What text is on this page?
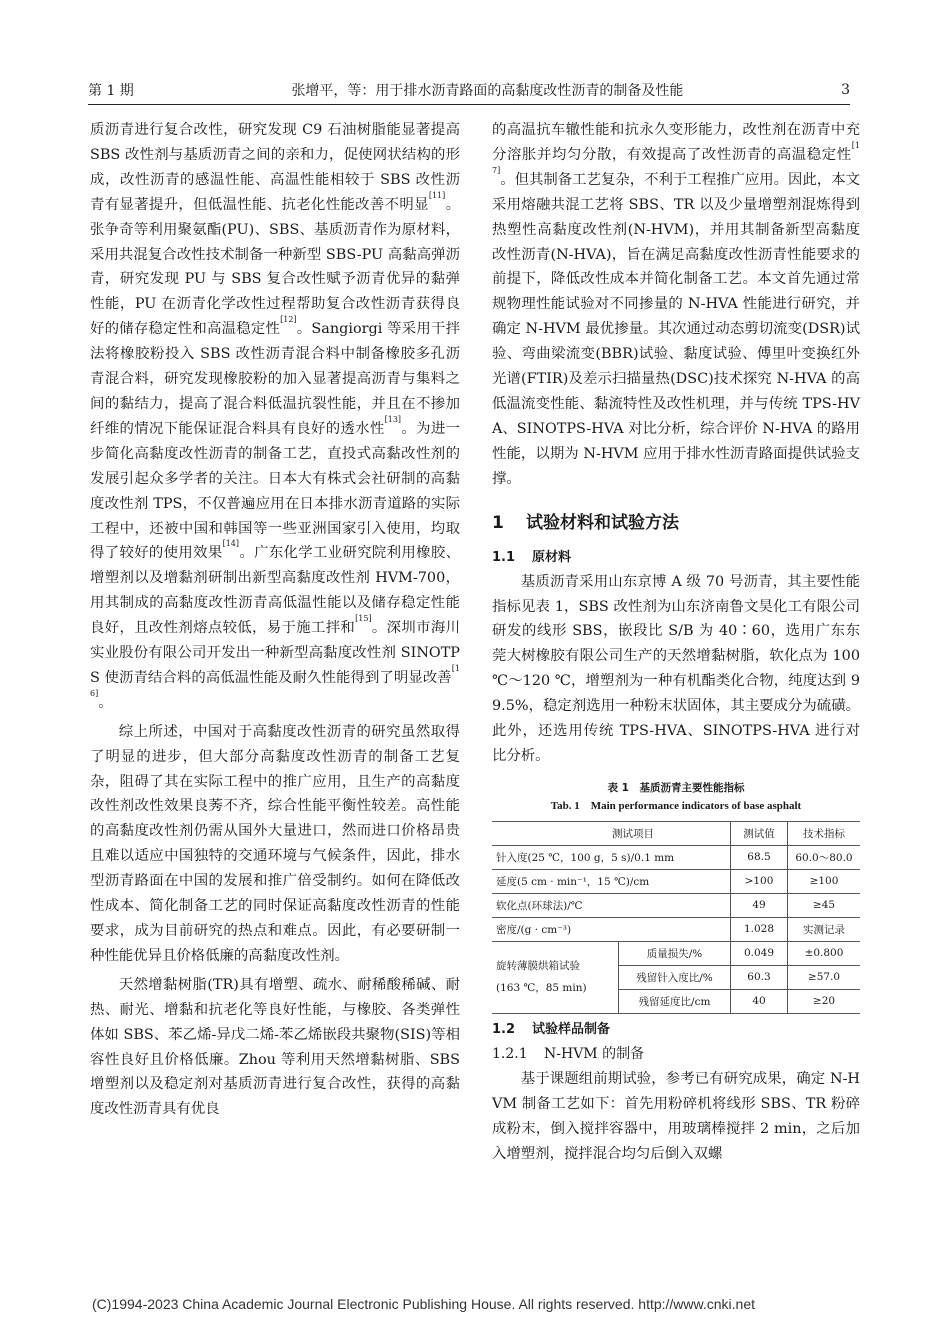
第 1 期	张增平，等：用于排水沥青路面的高黏度改性沥青的制备及性能	3

质沥青进行复合改性，研究发现 C9 石油树脂能显著提高 SBS 改性剂与基质沥青之间的亲和力，促使网状结构的形成，改性沥青的感温性能、高温性能相较于 SBS 改性沥青有显著提升，但低温性能、抗老化性能改善不明显[11]。张争奇等利用聚氨酯(PU)、SBS、基质沥青作为原材料，采用共混复合改性技术制备一种新型 SBS-PU 高黏高弹沥青，研究发现 PU 与 SBS 复合改性赋予沥青优异的黏弹性能，PU 在沥青化学改性过程帮助复合改性沥青获得良好的储存稳定性和高温稳定性[12]。Sangiorgi 等采用干拌法将橡胶粉投入 SBS 改性沥青混合料中制备橡胶多孔沥青混合料，研究发现橡胶粉的加入显著提高沥青与集料之间的黏结力，提高了混合料低温抗裂性能，并且在不掺加纤维的情况下能保证混合料具有良好的透水性[13]。为进一步简化高黏度改性沥青的制备工艺，直投式高黏改性剂的发展引起众多学者的关注。日本大有株式会社研制的高黏度改性剂 TPS，不仅普遍应用在日本排水沥青道路的实际工程中，还被中国和韩国等一些亚洲国家引入使用，均取得了较好的使用效果[14]。广东化学工业研究院利用橡胶、增塑剂以及增黏剂研制出新型高黏度改性剂 HVM-700，用其制成的高黏度改性沥青高低温性能以及储存稳定性能良好，且改性剂熔点较低，易于施工拌和[15]。深圳市海川实业股份有限公司开发出一种新型高黏度改性剂 SINOTPS 使沥青结合料的高低温性能及耐久性能得到了明显改善[16]。

综上所述，中国对于高黏度改性沥青的研究虽然取得了明显的进步，但大部分高黏度改性沥青的制备工艺复杂，阻碍了其在实际工程中的推广应用，且生产的高黏度改性剂改性效果良莠不齐，综合性能平衡性较差。高性能的高黏度改性剂仍需从国外大量进口，然而进口价格昂贵且难以适应中国独特的交通环境与气候条件，因此，排水型沥青路面在中国的发展和推广倍受制约。如何在降低改性成本、简化制备工艺的同时保证高黏度改性沥青的性能要求，成为目前研究的热点和难点。因此，有必要研制一种性能优异且价格低廉的高黏度改性剂。

天然增黏树脂(TR)具有增塑、疏水、耐稀酸稀碱、耐热、耐光、增黏和抗老化等良好性能，与橡胶、各类弹性体如 SBS、苯乙烯-异戊二烯-苯乙烯嵌段共聚物(SIS)等相容性良好且价格低廉。Zhou 等利用天然增黏树脂、SBS 增塑剂以及稳定剂对基质沥青进行复合改性，获得的高黏度改性沥青具有优良

的高温抗车辙性能和抗永久变形能力，改性剂在沥青中充分溶胀并均匀分散，有效提高了改性沥青的高温稳定性[17]。但其制备工艺复杂，不利于工程推广应用。因此，本文采用熔融共混工艺将 SBS、TR 以及少量增塑剂混炼得到热塑性高黏度改性剂(N-HVM)，并用其制备新型高黏度改性沥青(N-HVA)，旨在满足高黏度改性沥青性能要求的前提下，降低改性成本并简化制备工艺。本文首先通过常规物理性能试验对不同掺量的 N-HVA 性能进行研究，并确定 N-HVM 最优掺量。其次通过动态剪切流变(DSR)试验、弯曲梁流变(BBR)试验、黏度试验、傅里叶变换红外光谱(FTIR)及差示扫描量热(DSC)技术探究 N-HVA 的高低温流变性能、黏流特性及改性机理，并与传统 TPS-HVA、SINOTPS-HVA 对比分析，综合评价 N-HVA 的路用性能，以期为 N-HVM 应用于排水性沥青路面提供试验支撑。

1 试验材料和试验方法
1.1 原材料

基质沥青采用山东京博 A 级 70 号沥青，其主要性能指标见表 1，SBS 改性剂为山东济南鲁文昊化工有限公司研发的线形 SBS，嵌段比 S/B 为 40∶60，选用广东东莞大树橡胶有限公司生产的天然增黏树脂，软化点为 100 ℃～120 ℃，增塑剂为一种有机酯类化合物，纯度达到 99.5%，稳定剂选用一种粉末状固体，其主要成分为硫磺。此外，还选用传统 TPS-HVA、SINOTPS-HVA 进行对比分析。

表 1　基质沥青主要性能指标
Tab. 1　Main performance indicators of base asphalt
测试项目		测试值	技术指标
针入度(25 ℃，100 g，5 s)/0.1 mm		68.5	60.0～80.0
延度(5 cm · min⁻¹，15 ℃)/cm		>100	≥100
软化点(环球法)/℃		49	≥45
密度/(g · cm⁻³)		1.028	实测记录

旋转薄膜烘箱试验
(163 ℃，85 min)	质量损失/%	0.049	±0.800
	残留针入度比/%	60.3	≥57.0
	残留延度比/cm	40	≥20
1.2 试验样品制备
1.2.1 N-HVM 的制备

基于课题组前期试验，参考已有研究成果，确定 N-HVM 制备工艺如下：首先用粉碎机将线形 SBS、TR 粉碎成粉末，倒入搅拌容器中，用玻璃棒搅拌 2 min，之后加入增塑剂，搅拌混合均匀后倒入双螺

(C)1994-2023 China Academic Journal Electronic Publishing House. All rights reserved. http://www.cnki.net
